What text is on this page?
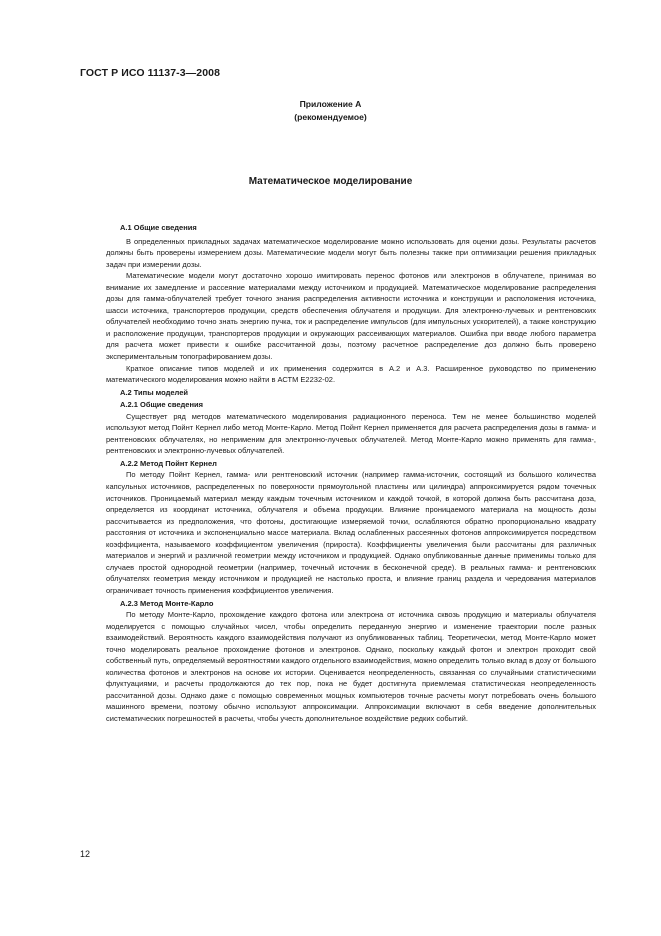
ГОСТ Р ИСО 11137-3—2008
Приложение А
(рекомендуемое)
Математическое моделирование
А.1 Общие сведения

В определенных прикладных задачах математическое моделирование можно использовать для оценки дозы. Результаты расчетов должны быть проверены измерением дозы. Математические модели могут быть полезны также при оптимизации решения прикладных задач при измерении дозы.

Математические модели могут достаточно хорошо имитировать перенос фотонов или электронов в облучателе, принимая во внимание их замедление и рассеяние материалами между источником и продукцией. Математическое моделирование распределения дозы для гамма-облучателей требует точного знания распределения активности источника и конструкции и расположения источника, шасси источника, транспортеров продукции, средств обеспечения облучателя и продукции. Для электронно-лучевых и рентгеновских облучателей необходимо точно знать энергию пучка, ток и распределение импульсов (для импульсных ускорителей), а также конструкцию и расположение продукции, транспортеров продукции и окружающих рассеивающих материалов. Ошибка при вводе любого параметра для расчета может привести к ошибке рассчитанной дозы, поэтому расчетное распределение доз должно быть проверено экспериментальным топографированием дозы.

Краткое описание типов моделей и их применения содержится в А.2 и А.3. Расширенное руководство по применению математического моделирования можно найти в АСТМ Е2232-02.

А.2 Типы моделей
А.2.1 Общие сведения

Существует ряд методов математического моделирования радиационного переноса. Тем не менее большинство моделей используют метод Пойнт Кернел либо метод Монте-Карло. Метод Пойнт Кернел применяется для расчета распределения дозы в гамма- и рентгеновских облучателях, но неприменим для электронно-лучевых облучателей. Метод Монте-Карло можно применять для гамма-, рентгеновских и электронно-лучевых облучателей.

А.2.2 Метод Пойнт Кернел

По методу Пойнт Кернел, гамма- или рентгеновский источник (например гамма-источник, состоящий из большого количества капсульных источников, распределенных по поверхности прямоугольной пластины или цилиндра) аппроксимируется рядом точечных источников. Проницаемый материал между каждым точечным источником и каждой точкой, в которой должна быть рассчитана доза, определяется из координат источника, облучателя и объема продукции. Влияние проницаемого материала на мощность дозы рассчитывается из предположения, что фотоны, достигающие измеряемой точки, ослабляются обратно пропорционально квадрату расстояния от источника и экспоненциально массе материала. Вклад ослабленных рассеянных фотонов аппроксимируется посредством коэффициента, называемого коэффициентом увеличения (прироста). Коэффициенты увеличения были рассчитаны для различных материалов и энергий и различной геометрии между источником и продукцией. Однако опубликованные данные применимы только для случаев простой однородной геометрии (например, точечный источник в бесконечной среде). В реальных гамма- и рентгеновских облучателях геометрия между источником и продукцией не настолько проста, и влияние границ раздела и чередования материалов ограничивает точность применения коэффициентов увеличения.

А.2.3 Метод Монте-Карло

По методу Монте-Карло, прохождение каждого фотона или электрона от источника сквозь продукцию и материалы облучателя моделируется с помощью случайных чисел, чтобы определить переданную энергию и изменение траектории после разных взаимодействий. Вероятность каждого взаимодействия получают из опубликованных таблиц. Теоретически, метод Монте-Карло может точно моделировать реальное прохождение фотонов и электронов. Однако, поскольку каждый фотон и электрон проходит свой собственный путь, определяемый вероятностями каждого отдельного взаимодействия, можно определить только вклад в дозу от большого количества фотонов и электронов на основе их истории. Оценивается неопределенность, связанная со случайными статистическими флуктуациями, и расчеты продолжаются до тех пор, пока не будет достигнута приемлемая статистическая неопределенность рассчитанной дозы. Однако даже с помощью современных мощных компьютеров точные расчеты могут потребовать очень большого машинного времени, поэтому обычно используют аппроксимации. Аппроксимации включают в себя введение дополнительных систематических погрешностей в расчеты, чтобы учесть дополнительное воздействие редких событий.

12
